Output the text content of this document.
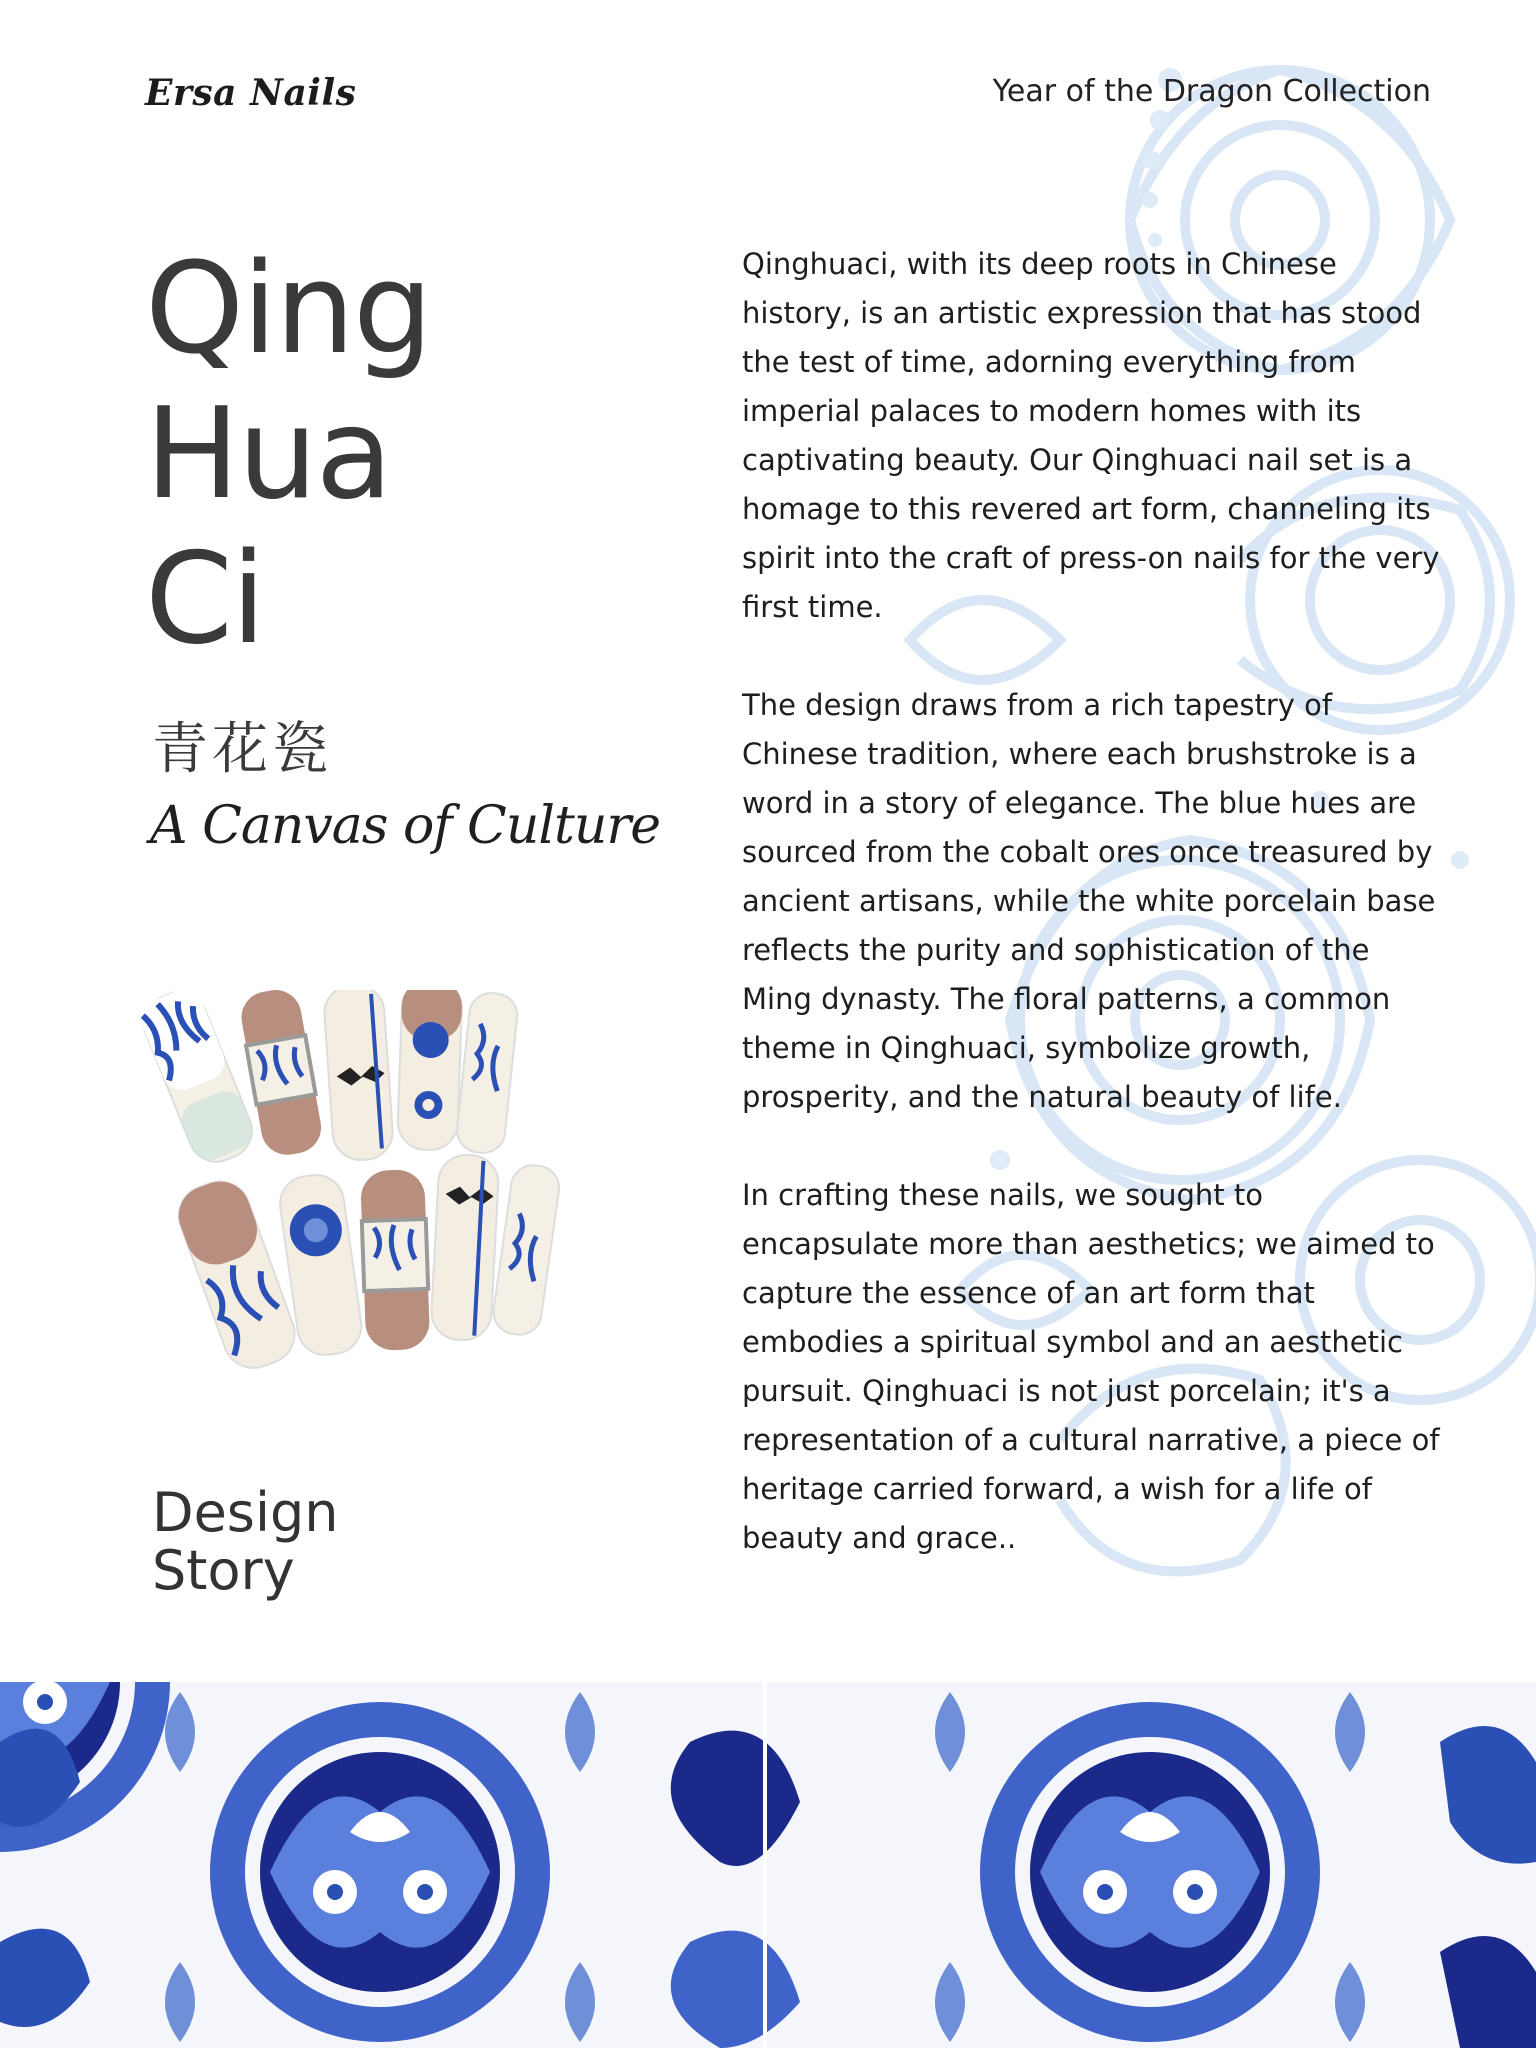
Ersa Nails	Year of the Dragon Collection
Qing
Hua
Ci
青花瓷
A Canvas of Culture
Design
Story

Qinghuaci, with its deep roots in Chinese history, is an artistic expression that has stood the test of time, adorning everything from imperial palaces to modern homes with its captivating beauty. Our Qinghuaci nail set is a homage to this revered art form, channeling its spirit into the craft of press-on nails for the very first time.

The design draws from a rich tapestry of Chinese tradition, where each brushstroke is a word in a story of elegance. The blue hues are sourced from the cobalt ores once treasured by ancient artisans, while the white porcelain base reflects the purity and sophistication of the Ming dynasty. The floral patterns, a common theme in Qinghuaci, symbolize growth, prosperity, and the natural beauty of life.

In crafting these nails, we sought to encapsulate more than aesthetics; we aimed to capture the essence of an art form that embodies a spiritual symbol and an aesthetic pursuit. Qinghuaci is not just porcelain; it's a representation of a cultural narrative, a piece of heritage carried forward, a wish for a life of beauty and grace..
